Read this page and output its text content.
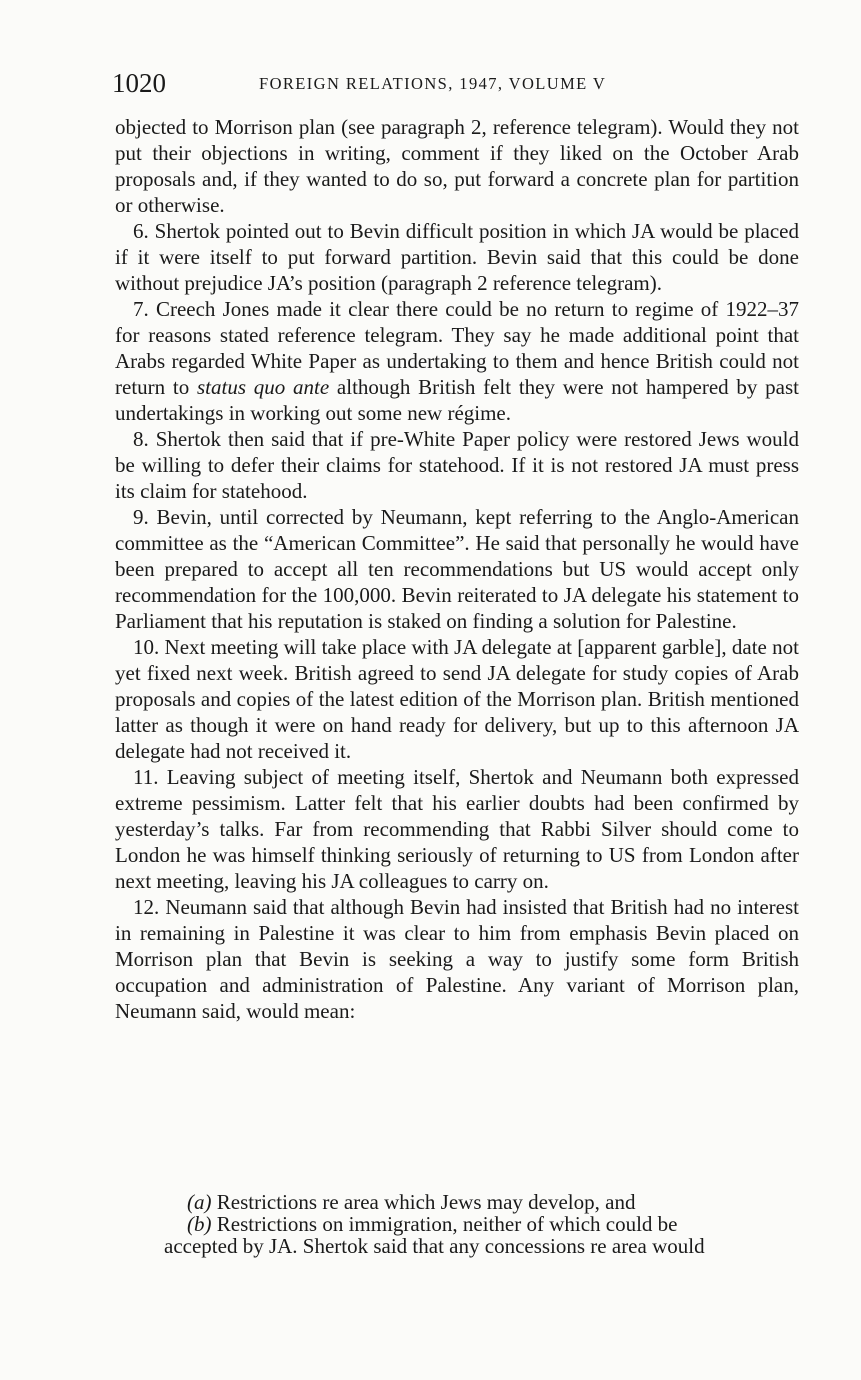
1020	FOREIGN RELATIONS, 1947, VOLUME V

objected to Morrison plan (see paragraph 2, reference telegram). Would they not put their objections in writing, comment if they liked on the October Arab proposals and, if they wanted to do so, put forward a concrete plan for partition or otherwise.

6. Shertok pointed out to Bevin difficult position in which JA would be placed if it were itself to put forward partition. Bevin said that this could be done without prejudice JA’s position (paragraph 2 reference telegram).

7. Creech Jones made it clear there could be no return to regime of 1922–37 for reasons stated reference telegram. They say he made additional point that Arabs regarded White Paper as undertaking to them and hence British could not return to status quo ante although British felt they were not hampered by past undertakings in working out some new régime.

8. Shertok then said that if pre-White Paper policy were restored Jews would be willing to defer their claims for statehood. If it is not restored JA must press its claim for statehood.

9. Bevin, until corrected by Neumann, kept referring to the Anglo-American committee as the “American Committee”. He said that personally he would have been prepared to accept all ten recommendations but US would accept only recommendation for the 100,000. Bevin reiterated to JA delegate his statement to Parliament that his reputation is staked on finding a solution for Palestine.

10. Next meeting will take place with JA delegate at [apparent garble], date not yet fixed next week. British agreed to send JA delegate for study copies of Arab proposals and copies of the latest edition of the Morrison plan. British mentioned latter as though it were on hand ready for delivery, but up to this afternoon JA delegate had not received it.

11. Leaving subject of meeting itself, Shertok and Neumann both expressed extreme pessimism. Latter felt that his earlier doubts had been confirmed by yesterday’s talks. Far from recommending that Rabbi Silver should come to London he was himself thinking seriously of returning to US from London after next meeting, leaving his JA colleagues to carry on.

12. Neumann said that although Bevin had insisted that British had no interest in remaining in Palestine it was clear to him from emphasis Bevin placed on Morrison plan that Bevin is seeking a way to justify some form British occupation and administration of Palestine. Any variant of Morrison plan, Neumann said, would mean:

(a) Restrictions re area which Jews may develop, and

(b) Restrictions on immigration, neither of which could be

accepted by JA. Shertok said that any concessions re area would
